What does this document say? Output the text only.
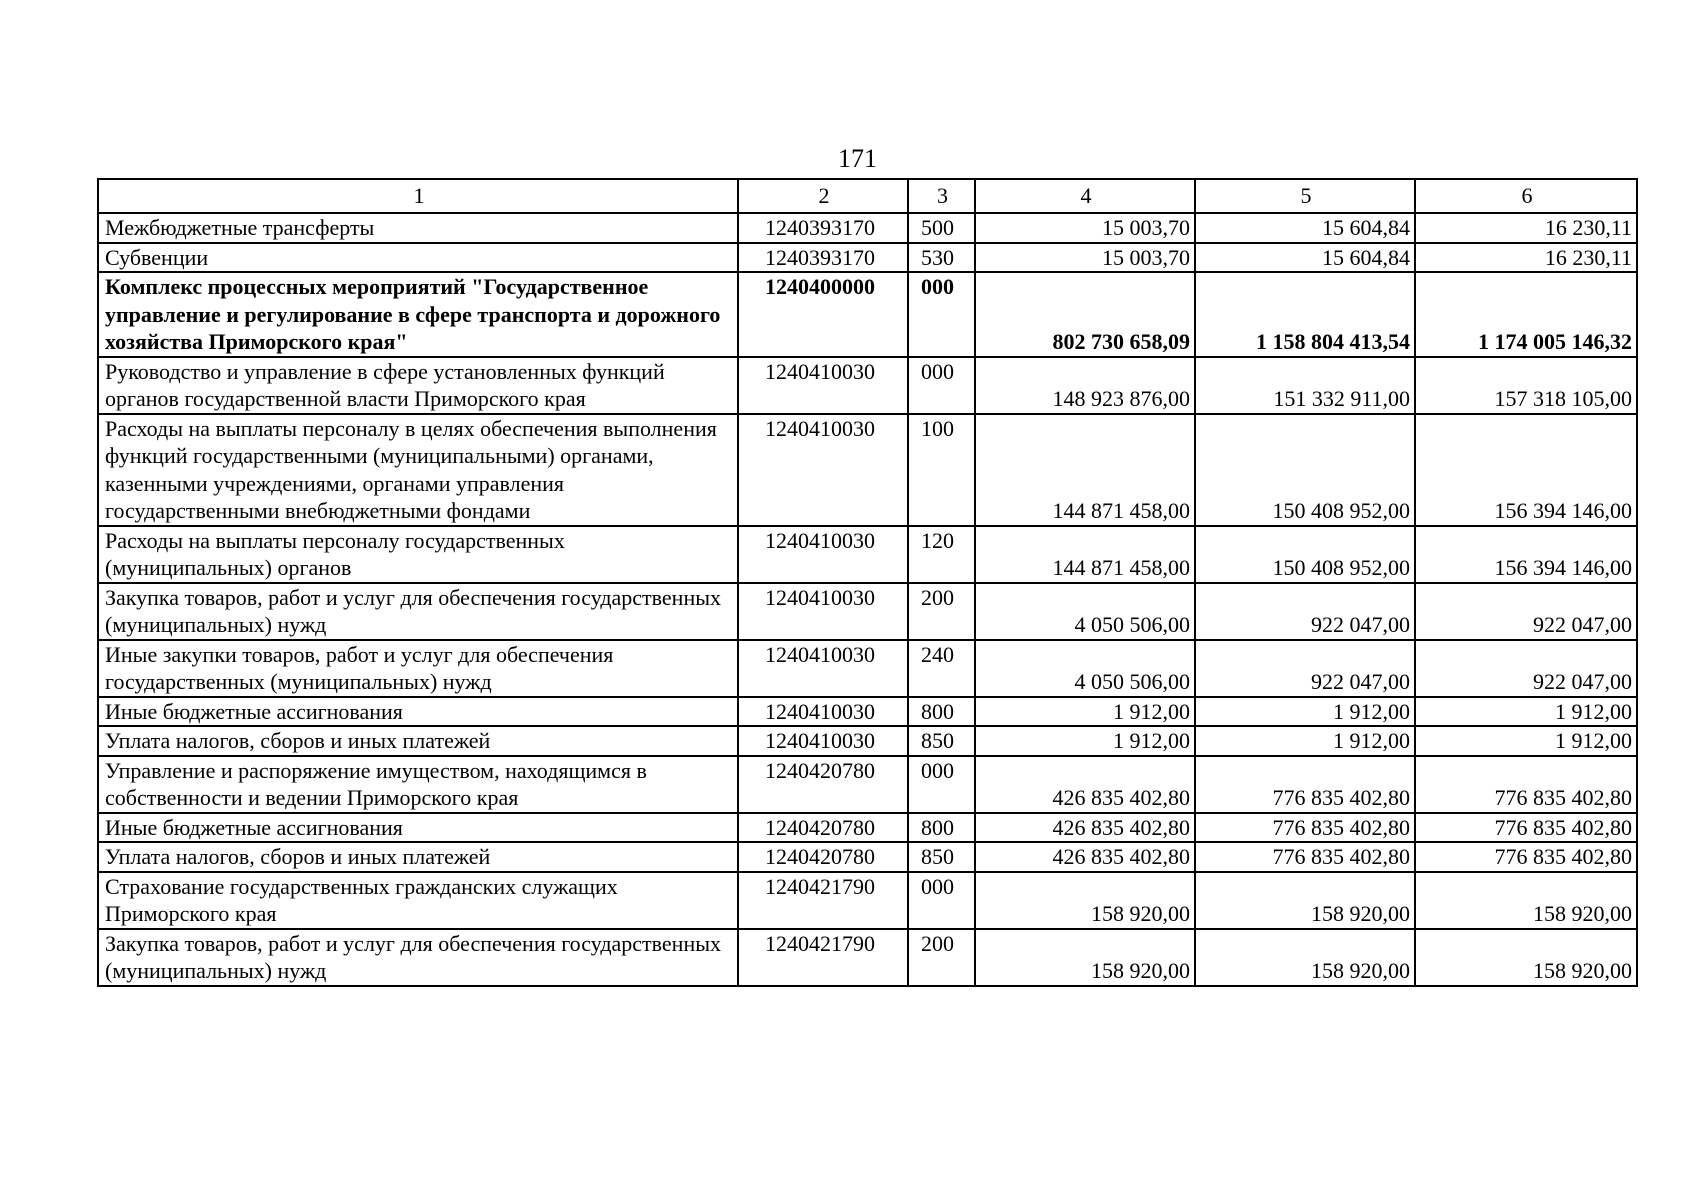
171
1	2	3	4	5	6
Межбюджетные трансферты	1240393170	500	15 003,70	15 604,84	16 230,11
Субвенции	1240393170	530	15 003,70	15 604,84	16 230,11
Комплекс процессных мероприятий "Государственное управление и регулирование в сфере транспорта и дорожного хозяйства Приморского края"	1240400000	000	802 730 658,09	1 158 804 413,54	1 174 005 146,32
Руководство и управление в сфере установленных функций органов государственной власти Приморского края	1240410030	000	148 923 876,00	151 332 911,00	157 318 105,00
Расходы на выплаты персоналу в целях обеспечения выполнения функций государственными (муниципальными) органами, казенными учреждениями, органами управления государственными внебюджетными фондами	1240410030	100	144 871 458,00	150 408 952,00	156 394 146,00
Расходы на выплаты персоналу государственных (муниципальных) органов	1240410030	120	144 871 458,00	150 408 952,00	156 394 146,00
Закупка товаров, работ и услуг для обеспечения государственных (муниципальных) нужд	1240410030	200	4 050 506,00	922 047,00	922 047,00
Иные закупки товаров, работ и услуг для обеспечения государственных (муниципальных) нужд	1240410030	240	4 050 506,00	922 047,00	922 047,00
Иные бюджетные ассигнования	1240410030	800	1 912,00	1 912,00	1 912,00
Уплата налогов, сборов и иных платежей	1240410030	850	1 912,00	1 912,00	1 912,00
Управление и распоряжение имуществом, находящимся в собственности и ведении Приморского края	1240420780	000	426 835 402,80	776 835 402,80	776 835 402,80
Иные бюджетные ассигнования	1240420780	800	426 835 402,80	776 835 402,80	776 835 402,80
Уплата налогов, сборов и иных платежей	1240420780	850	426 835 402,80	776 835 402,80	776 835 402,80
Страхование государственных гражданских служащих Приморского края	1240421790	000	158 920,00	158 920,00	158 920,00
Закупка товаров, работ и услуг для обеспечения государственных (муниципальных) нужд	1240421790	200	158 920,00	158 920,00	158 920,00
